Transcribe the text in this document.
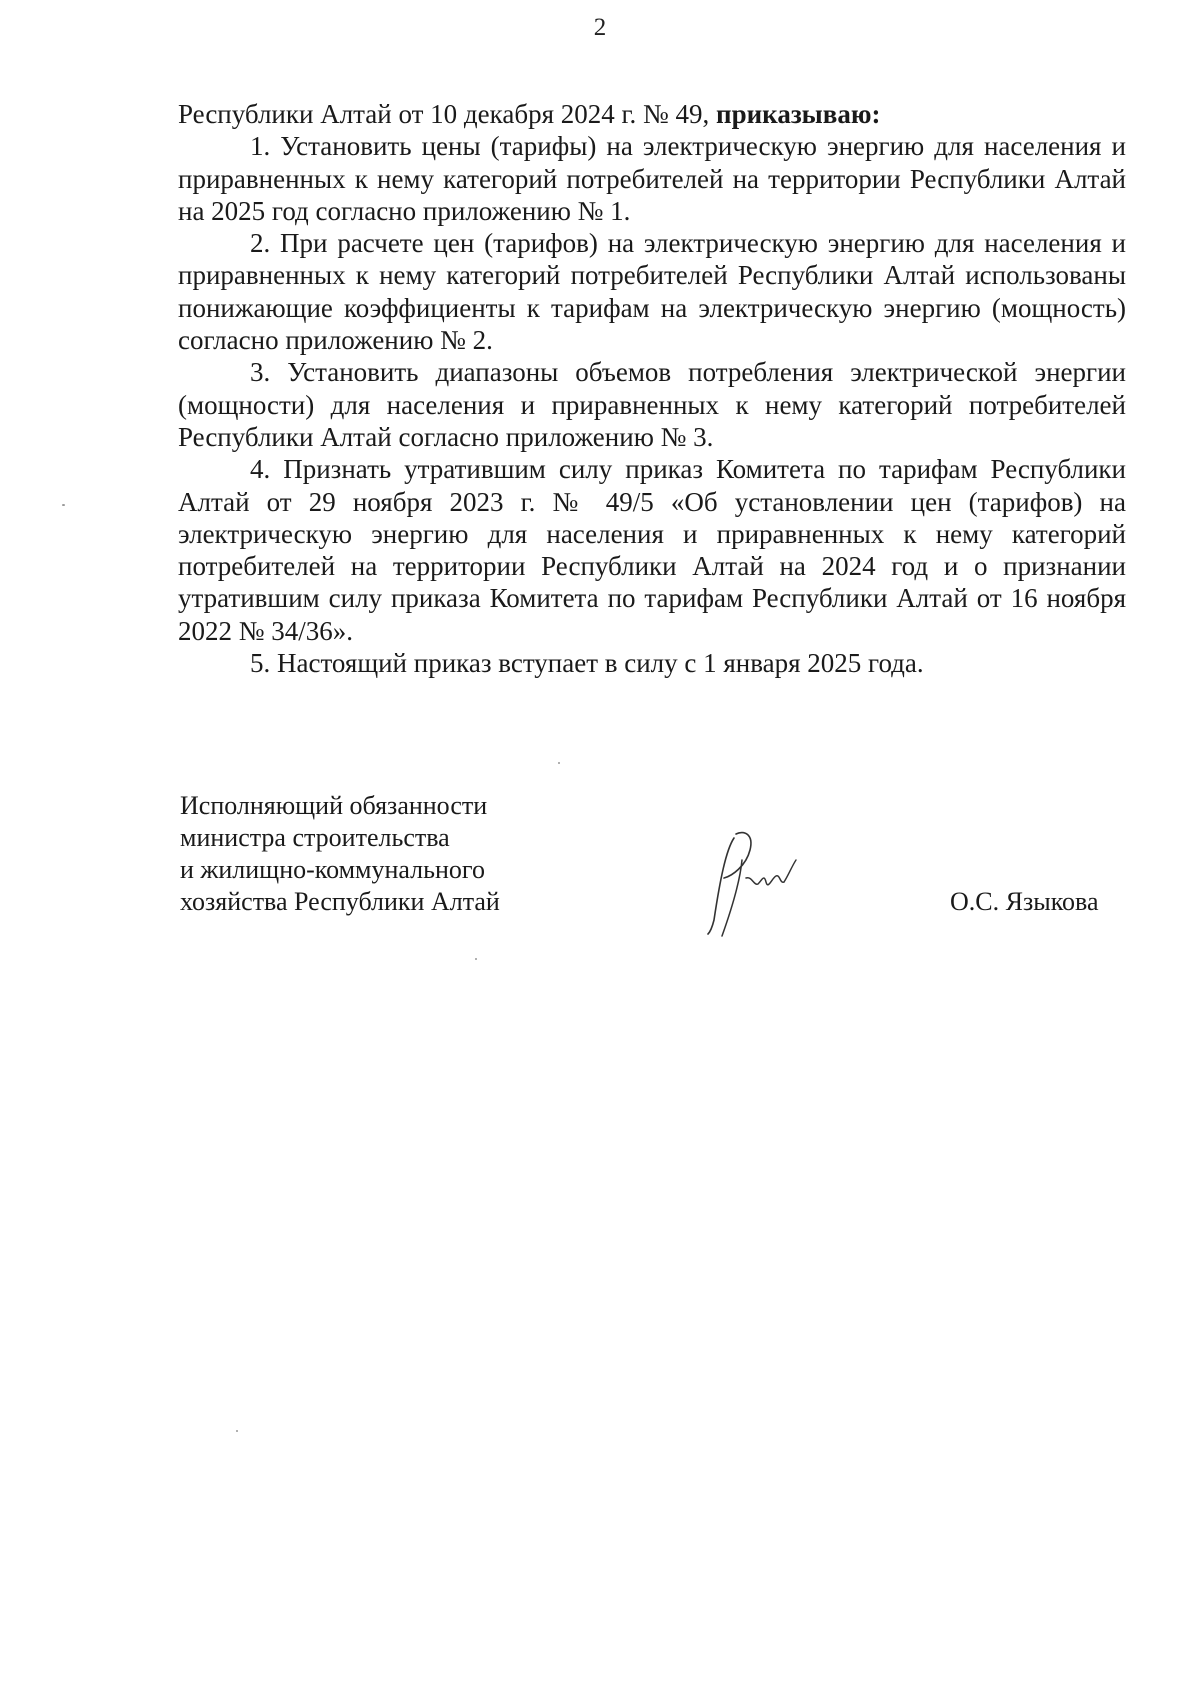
2

Республики Алтай от 10 декабря 2024 г. № 49, приказываю:

1. Установить цены (тарифы) на электрическую энергию для населения и приравненных к нему категорий потребителей на территории Республики Алтай на 2025 год согласно приложению № 1.

2. При расчете цен (тарифов) на электрическую энергию для населения и приравненных к нему категорий потребителей Республики Алтай использованы понижающие коэффициенты к тарифам на электрическую энергию (мощность) согласно приложению № 2.

3. Установить диапазоны объемов потребления электрической энергии (мощности) для населения и приравненных к нему категорий потребителей Республики Алтай согласно приложению № 3.

4. Признать утратившим силу приказ Комитета по тарифам Республики Алтай от 29 ноября 2023 г. № 49/5 «Об установлении цен (тарифов) на электрическую энергию для населения и приравненных к нему категорий потребителей на территории Республики Алтай на 2024 год и о признании утратившим силу приказа Комитета по тарифам Республики Алтай от 16 ноября 2022 № 34/36».

5. Настоящий приказ вступает в силу с 1 января 2025 года.

Исполняющий обязанности
министра строительства
и жилищно-коммунального
хозяйства Республики Алтай	О.С. Языкова
